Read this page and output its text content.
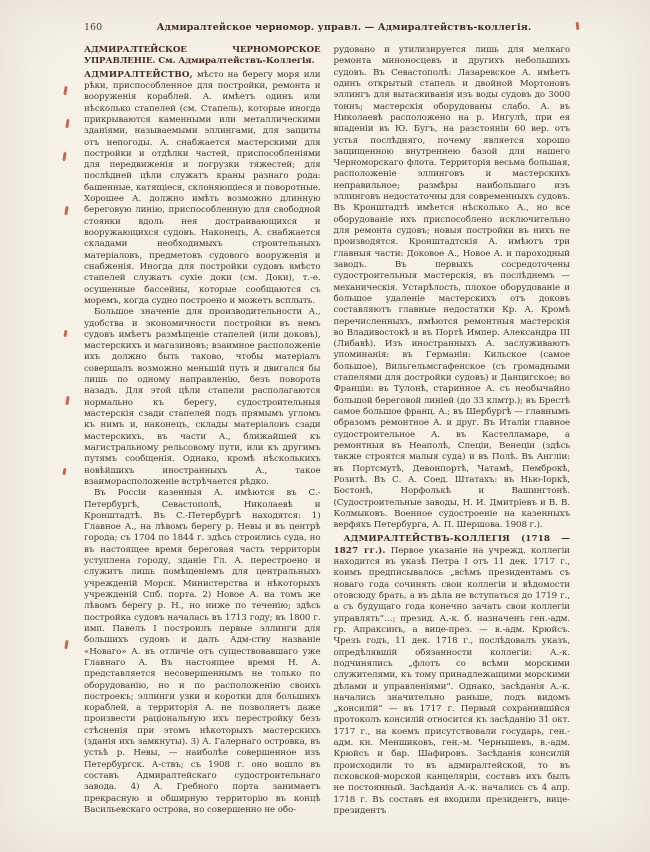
160	Адмиралтейское черномор. управл. — Адмиралтействъ-коллегія.

АДМИРАЛТЕЙСКОЕ ЧЕРНОМОРСКОЕ УПРАВЛЕНІЕ. См. Адмиралтействъ-Коллегія.

АДМИРАЛТЕЙСТВО, мѣсто на берегу моря или рѣки, приспособленное для постройки, ремонта и вооруженія кораблей. А. имѣетъ одинъ или нѣсколько стапелей (см. Стапель), которые иногда прикрываются каменными или металлическими зданіями, называемыми эллингами, для защиты отъ непогоды. А. снабжается мастерскими для постройки и отдѣлки частей, приспособленіями для передвиженія и погрузки тяжестей; для послѣдней цѣли служатъ краны разнаго рода: башенные, катящіеся, склоняющіеся и поворотные. Хорошее А. должно имѣть возможно длинную береговую линію, приспособленную для свободной стоянки вдоль нея достраивающихся и вооружающихся судовъ. Наконецъ, А. снабжается складами необходимыхъ строительныхъ матеріаловъ, предметовъ судового вооруженія и снабженія. Иногда для постройки судовъ вмѣсто стапелей служатъ сухіе доки (см. Доки), т.-е. осушенные бассейны, которые сообщаются съ моремъ, когда судно построено и можетъ всплыть.

Большое значеніе для производительности А., удобства и экономичности постройки въ немъ судовъ имѣетъ размѣщеніе стапелей (или доковъ), мастерскихъ и магазиновъ; взаимное расположеніе ихъ должно быть таково, чтобы матеріалъ совершалъ возможно меньшій путь и двигался бы лишь по одному направленію, безъ поворота назадъ. Для этой цѣли стапели располагаются нормально къ берегу, судостроительныя мастерскія сзади стапелей подъ прямымъ угломъ къ нимъ и, наконецъ, склады матеріаловъ сзади мастерскихъ, въ части А., ближайшей къ магистральному рельсовому пути, или къ другимъ путямъ сообщенія. Однако, кромѣ нѣсколькихъ новѣйшихъ иностранныхъ А., такое взаиморасположеніе встрѣчается рѣдко.

Въ Россіи казенныя А. имѣются въ С.-Петербургѣ, Севастополѣ, Николаевѣ и Кронштадтѣ. Въ С.-Петербургѣ находятся: 1) Главное А., на лѣвомъ берегу р. Невы и въ центрѣ города; съ 1704 по 1844 г. здѣсь строились суда, но въ настоящее время береговая часть территоріи уступлена городу, зданіе Гл. А. перестроено и служитъ лишь помѣщеніемъ для центральныхъ учрежденій Морск. Министерства и нѣкоторыхъ учрежденій Спб. порта. 2) Новое А. на томъ же лѣвомъ берегу р. Н., но ниже по теченію; здѣсь постройка судовъ началась въ 1713 году; въ 1800 г. имп. Павелъ I построилъ первые эллинги для большихъ судовъ и далъ Адм-ству названіе «Новаго» А. въ отличіе отъ существовавшаго уже Главнаго А. Въ настоящее время Н. А. представляется несовершеннымъ не только по оборудованію, но и по расположенію своихъ построекъ; эллинги узки и коротки для большихъ кораблей, а территорія А. не позволяетъ даже произвести раціональную ихъ перестройку безъ стѣсненія при этомъ нѣкоторыхъ мастерскихъ (зданія ихъ замкнуты). 3) А. Галернаго островка, въ устьѣ р. Невы, — наиболѣе совершенное изъ Петербургск. А-ствъ; съ 1908 г. оно вошло въ составъ Адмиралтейскаго судостроительнаго завода. 4) А. Гребного порта занимаетъ прекрасную и обширную территорію въ концѣ Васильевскаго острова, но совершенно не обо-

рудовано и утилизируется лишь для мелкаго ремонта миноносцевъ и другихъ небольшихъ судовъ. Въ Севастополѣ: Лазаревское А. имѣетъ одинъ открытый стапель и двойной Мортоновъ эллингъ для вытаскиванія изъ воды судовъ до 3000 тоннъ; мастерскія оборудованы слабо. А. въ Николаевѣ расположено на р. Ингулѣ, при ея впаденіи въ Ю. Бугъ, на разстояніи 60 вер. отъ устья послѣдняго, почему является хорошо защищенною внутреннею базой для нашего Черноморскаго флота. Территорія весьма большая, расположеніе эллинговъ и мастерскихъ неправильное; размѣры наибольшаго изъ эллинговъ недостаточны для современныхъ судовъ. Въ Кронштадтѣ имѣется нѣсколько А., но все оборудованіе ихъ приспособлено исключительно для ремонта судовъ; новыя постройки въ нихъ не производятся. Кронштадтскія А. имѣютъ три главныя части: Доковое А., Новое А. и пароходный заводъ. Въ первыхъ сосредоточены судостроительныя мастерскія, въ послѣднемъ — механическія. Устарѣлость, плохое оборудованіе и большое удаленіе мастерскихъ отъ доковъ составляютъ главные недостатки Кр. А. Кромѣ перечисленныхъ, имѣются ремонтныя мастерскія во Владивостокѣ и въ Портѣ Импер. Александра III (Либавѣ). Изъ иностранныхъ А. заслуживаютъ упоминанія: въ Германіи: Кильское (самое большое), Вильгельмсгафенское (съ громадными стапелями для достройки судовъ) и Данцигское; во Франціи: въ Тулонѣ, старинное А. съ необычайно большой береговой линіей (до 33 клмтр.); въ Брестѣ самое большое франц. А.; въ Шербургѣ — главнымъ образомъ ремонтное А. и друг. Въ Италіи главное судостроительное А. въ Кастелламаре, а ремонтныя въ Неаполѣ, Спеціи, Венеціи (здѣсь также строятся малыя суда) и въ Полѣ. Въ Англіи: въ Портсмутѣ, Девонпортѣ, Чатамѣ, Пемброкѣ, Розитѣ. Въ С. А. Соед. Штатахъ: въ Нью-Іоркѣ, Бостонѣ, Норфолькѣ и Вашингтонѣ. (Судостроительные заводы, Н. И. Дмитріевъ и В. В. Колмыковъ. Военное судостроеніе на казенныхъ верфяхъ Петербурга, А. П. Шершова. 1908 г.).

АДМИРАЛТЕЙСТВЪ-КОЛЛЕГІЯ (1718 — 1827 гг.). Первое указаніе на учрежд. коллегіи находится въ указѣ Петра I отъ 11 дек. 1717 г., коимъ предписывалось „всѣмъ президентамъ съ новаго года сочинять свои коллегіи и вѣдомости отовсюду брать, а въ дѣла не вступаться до 1719 г., а съ будущаго года конечно зачать свои коллегіи управлять“…; презид. А.-к. б. назначенъ ген.-адм. гр. Апраксинъ, а вице-през. — в.-адм. Крюйсъ. Чрезъ годъ, 11 дек. 1718 г., послѣдовалъ указъ, опредѣлявшій обязанности коллегіи: А.-к. подчинялись „флотъ со всѣми морскими служителями, къ тому принадлежащими морскими дѣлами и управленіями“. Однако, засѣданія А.-к. начались значительно раньше, подъ видомъ „консилій“ — въ 1717 г. Первый сохранившійся протоколъ консилій относится къ засѣданію 31 окт. 1717 г., на коемъ присутствовали государь, ген.-адм. кн. Меншиковъ, ген.-м. Чернышевъ, в.-адм. Крюйсъ и бар. Шафировъ. Засѣданія консилій происходили то въ адмиралтейской, то въ псковской-морской канцеляріи, составъ ихъ былъ не постоянный. Засѣданія А.-к. начались съ 4 апр. 1718 г. Въ составъ ея входили президентъ, вице-президентъ
